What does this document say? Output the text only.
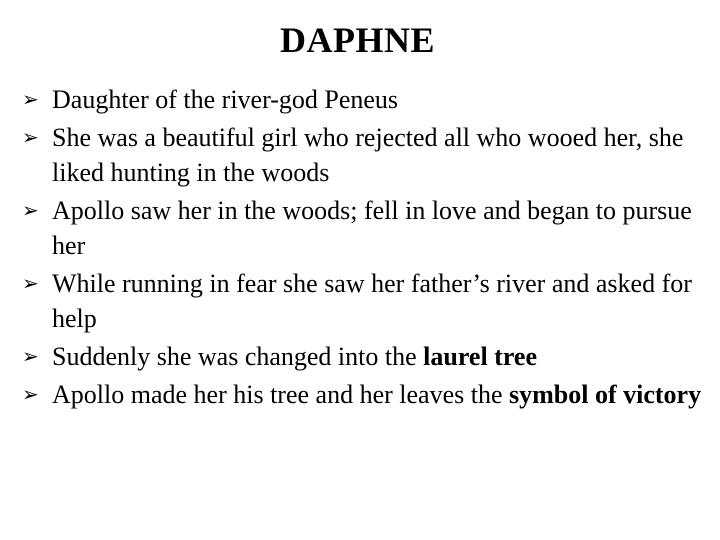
DAPHNE
➢ Daughter of the river-god Peneus
➢ She was a beautiful girl who rejected all who wooed her, she liked hunting in the woods
➢ Apollo saw her in the woods; fell in love and began to pursue her
➢ While running in fear she saw her father’s river and asked for help
➢ Suddenly she was changed into the laurel tree
➢ Apollo made her his tree and her leaves the symbol of victory
